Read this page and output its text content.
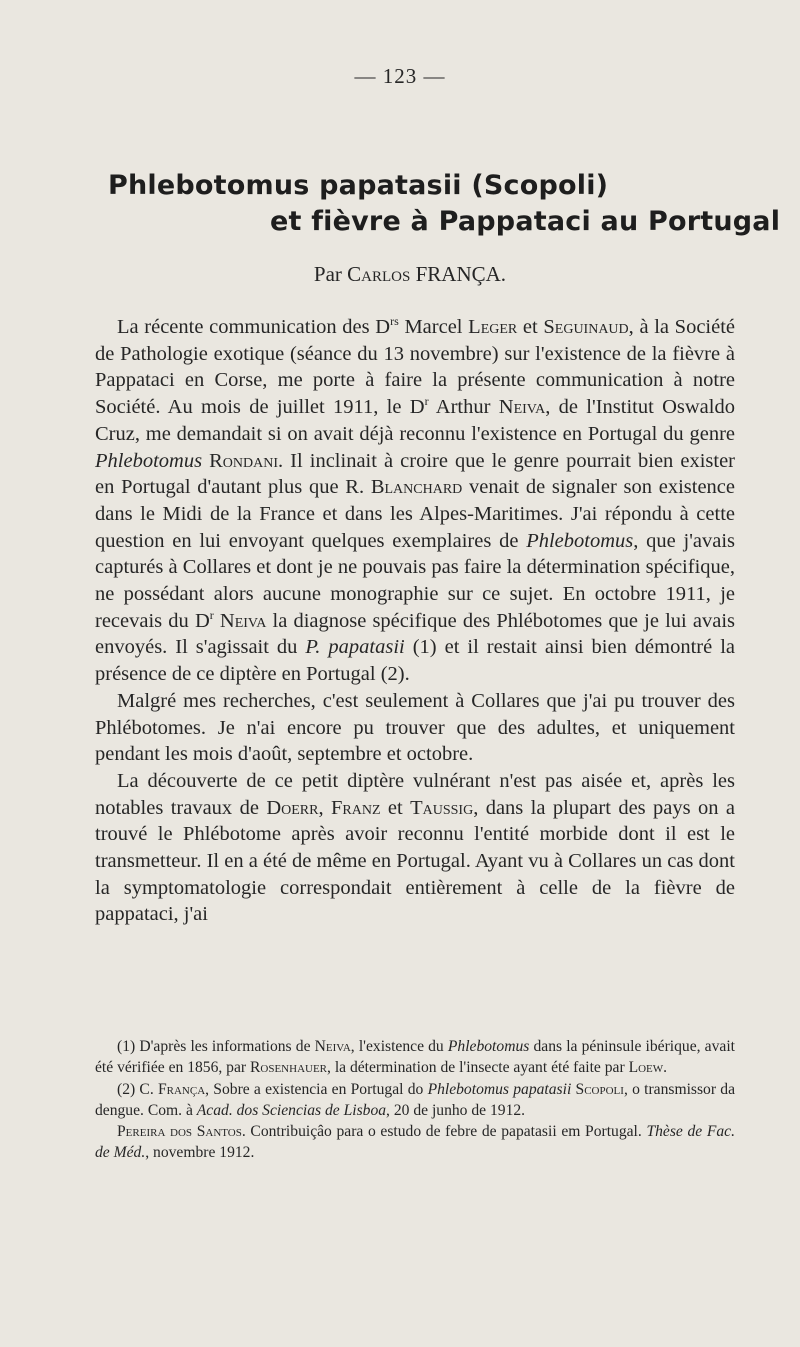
— 123 —
Phlebotomus papatasii (Scopoli)
et fièvre à Pappataci au Portugal
Par Carlos FRANÇA.

La récente communication des $D^{rs}$ Marcel Leger et Seguinaud, à la Société de Pathologie exotique (séance du 13 novembre) sur l'existence de la fièvre à Pappataci en Corse, me porte à faire la présente communication à notre Société. Au mois de juillet 1911, le $D^r$ Arthur Neiva, de l'Institut Oswaldo Cruz, me demandait si on avait déjà reconnu l'existence en Portugal du genre Phlebotomus Rondani. Il inclinait à croire que le genre pourrait bien exister en Portugal d'autant plus que R. Blanchard venait de signaler son existence dans le Midi de la France et dans les Alpes-Maritimes. J'ai répondu à cette question en lui envoyant quelques exemplaires de Phlebotomus, que j'avais capturés à Collares et dont je ne pouvais pas faire la détermination spécifique, ne possédant alors aucune monographie sur ce sujet. En octobre 1911, je recevais du $D^r$ Neiva la diagnose spécifique des Phlébotomes que je lui avais envoyés. Il s'agissait du P. papatasii (1) et il restait ainsi bien démontré la présence de ce diptère en Portugal (2).

Malgré mes recherches, c'est seulement à Collares que j'ai pu trouver des Phlébotomes. Je n'ai encore pu trouver que des adultes, et uniquement pendant les mois d'août, septembre et octobre.

La découverte de ce petit diptère vulnérant n'est pas aisée et, après les notables travaux de Doerr, Franz et Taussig, dans la plupart des pays on a trouvé le Phlébotome après avoir reconnu l'entité morbide dont il est le transmetteur. Il en a été de même en Portugal. Ayant vu à Collares un cas dont la symptomatologie correspondait entièrement à celle de la fièvre de pappataci, j'ai

(1) D'après les informations de Neiva, l'existence du Phlebotomus dans la péninsule ibérique, avait été vérifiée en 1856, par Rosenhauer, la détermination de l'insecte ayant été faite par Loew.

(2) C. França, Sobre a existencia en Portugal do Phlebotomus papatasii Scopoli, o transmissor da dengue. Com. à Acad. dos Sciencias de Lisboa, 20 de junho de 1912.

Pereira dos Santos. Contribuiçâo para o estudo de febre de papatasii em Portugal. Thèse de Fac. de Méd., novembre 1912.
